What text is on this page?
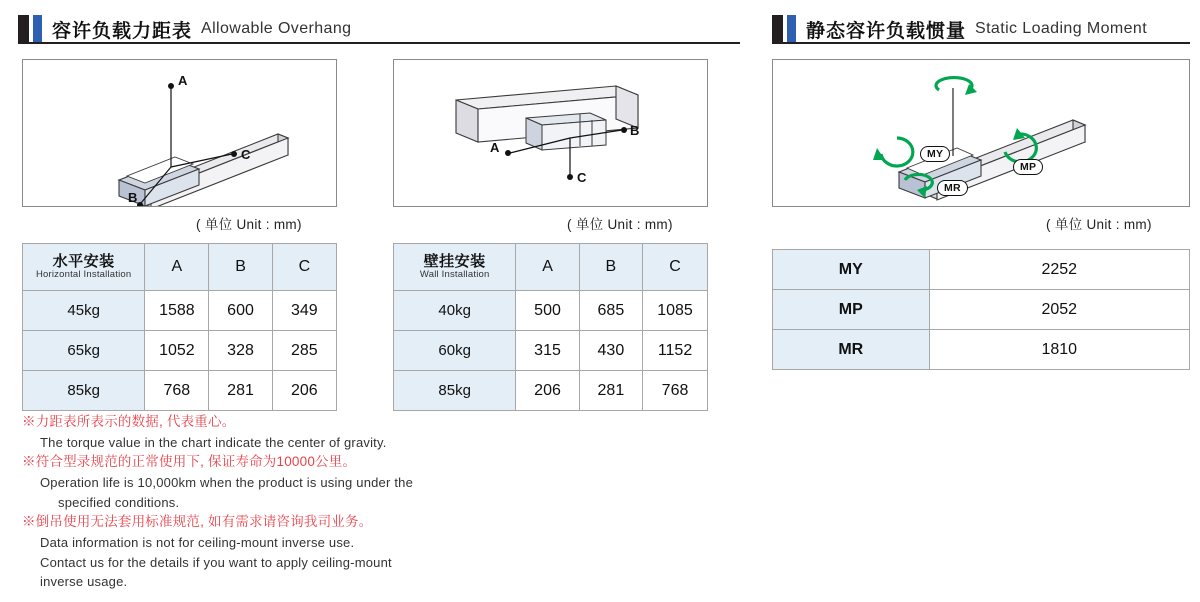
容许负载力距表 Allowable Overhang	静态容许负载惯量 Static Loading Moment
A
B
C
( 单位 Unit : mm)
C
A
B
( 单位 Unit : mm)
MY
MP
MR
( 单位 Unit : mm)
水平安装
Horizontal Installation	A	B	C
45kg	1588	600	349
65kg	1052	328	285
85kg	768	281	206
壁挂安装
Wall Installation	A	B	C
40kg	500	685	1085
60kg	315	430	1152
85kg	206	281	768
MY	2252
MP	2052
MR	1810
※力距表所表示的数据, 代表重心。
The torque value in the chart indicate the center of gravity.
※符合型录规范的正常使用下, 保证寿命为10000公里。
Operation life is 10,000km when the product is using under the
specified conditions.
※倒吊使用无法套用标准规范, 如有需求请咨询我司业务。
Data information is not for ceiling-mount inverse use.
Contact us for the details if you want to apply ceiling-mount
inverse usage.
